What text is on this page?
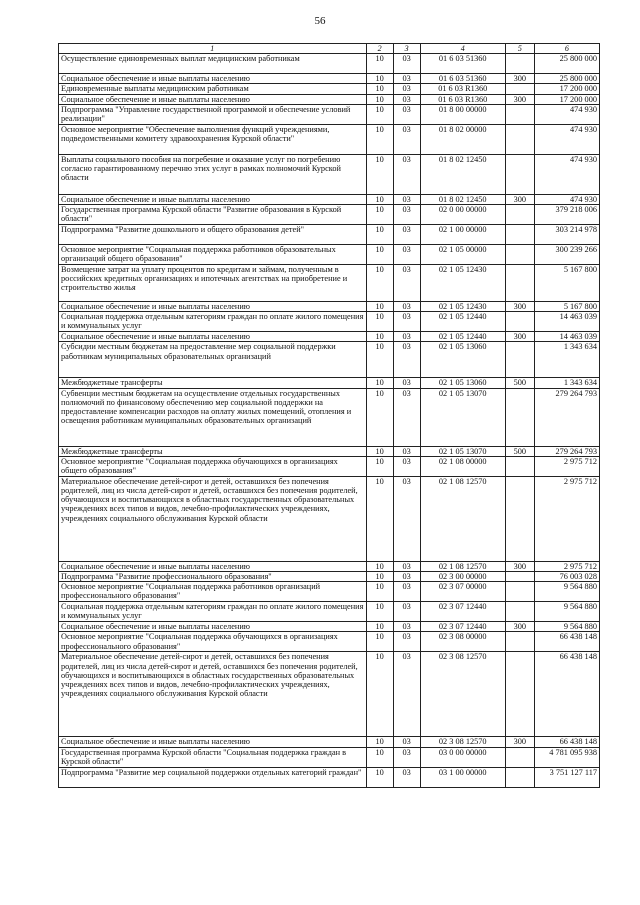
56
1	2	3	4	5	6
Осуществление единовременных выплат медицинским работникам	10	03	01 6 03 51360		25 800 000
Социальное обеспечение и иные выплаты населению	10	03	01 6 03 51360	300	25 800 000
Единовременные выплаты медицинским работникам	10	03	01 6 03 R1360		17 200 000
Социальное обеспечение и иные выплаты населению	10	03	01 6 03 R1360	300	17 200 000
Подпрограмма "Управление государственной программой и обеспечение условий реализации"	10	03	01 8 00 00000		474 930
Основное мероприятие "Обеспечение выполнения функций учреждениями, подведомственными комитету здравоохранения Курской области"	10	03	01 8 02 00000		474 930
Выплаты социального пособия на погребение и оказание услуг по погребению согласно гарантированному перечню этих услуг в рамках полномочий Курской области	10	03	01 8 02 12450		474 930
Социальное обеспечение и иные выплаты населению	10	03	01 8 02 12450	300	474 930
Государственная программа Курской области "Развитие образования в Курской области"	10	03	02 0 00 00000		379 218 006
Подпрограмма "Развитие дошкольного и общего образования детей"	10	03	02 1 00 00000		303 214 978
Основное мероприятие "Социальная поддержка работников образовательных организаций общего образования"	10	03	02 1 05 00000		300 239 266
Возмещение затрат на уплату процентов по кредитам и займам, полученным в российских кредитных организациях и ипотечных агентствах на приобретение и строительство жилья	10	03	02 1 05 12430		5 167 800
Социальное обеспечение и иные выплаты населению	10	03	02 1 05 12430	300	5 167 800
Социальная поддержка отдельным категориям граждан по оплате жилого помещения и коммунальных услуг	10	03	02 1 05 12440		14 463 039
Социальное обеспечение и иные выплаты населению	10	03	02 1 05 12440	300	14 463 039
Субсидии местным бюджетам на предоставление мер социальной поддержки работникам муниципальных образовательных организаций	10	03	02 1 05 13060		1 343 634
Межбюджетные трансферты	10	03	02 1 05 13060	500	1 343 634
Субвенции местным бюджетам на осуществление отдельных государственных полномочий по финансовому обеспечению мер социальной поддержки на предоставление компенсации расходов на оплату жилых помещений, отопления и освещения работникам муниципальных образовательных организаций	10	03	02 1 05 13070		279 264 793
Межбюджетные трансферты	10	03	02 1 05 13070	500	279 264 793
Основное мероприятие "Социальная поддержка обучающихся в организациях общего образования"	10	03	02 1 08 00000		2 975 712
Материальное обеспечение детей-сирот и детей, оставшихся без попечения родителей, лиц из числа детей-сирот и детей, оставшихся без попечения родителей, обучающихся и воспитывающихся в областных государственных образовательных учреждениях всех типов и видов, лечебно-профилактических учреждениях, учреждениях социального обслуживания Курской области	10	03	02 1 08 12570		2 975 712
Социальное обеспечение и иные выплаты населению	10	03	02 1 08 12570	300	2 975 712
Подпрограмма "Развитие профессионального образования"	10	03	02 3 00 00000		76 003 028
Основное мероприятие "Социальная поддержка работников организаций профессионального образования"	10	03	02 3 07 00000		9 564 880
Социальная поддержка отдельным категориям граждан по оплате жилого помещения и коммунальных услуг	10	03	02 3 07 12440		9 564 880
Социальное обеспечение и иные выплаты населению	10	03	02 3 07 12440	300	9 564 880
Основное мероприятие "Социальная поддержка обучающихся в организациях профессионального образования"	10	03	02 3 08 00000		66 438 148
Материальное обеспечение детей-сирот и детей, оставшихся без попечения родителей, лиц из числа детей-сирот и детей, оставшихся без попечения родителей, обучающихся и воспитывающихся в областных государственных образовательных учреждениях всех типов и видов, лечебно-профилактических учреждениях, учреждениях социального обслуживания Курской области	10	03	02 3 08 12570		66 438 148
Социальное обеспечение и иные выплаты населению	10	03	02 3 08 12570	300	66 438 148
Государственная программа Курской области "Социальная поддержка граждан в Курской области"	10	03	03 0 00 00000		4 781 095 938
Подпрограмма "Развитие мер социальной поддержки отдельных категорий граждан"	10	03	03 1 00 00000		3 751 127 117
